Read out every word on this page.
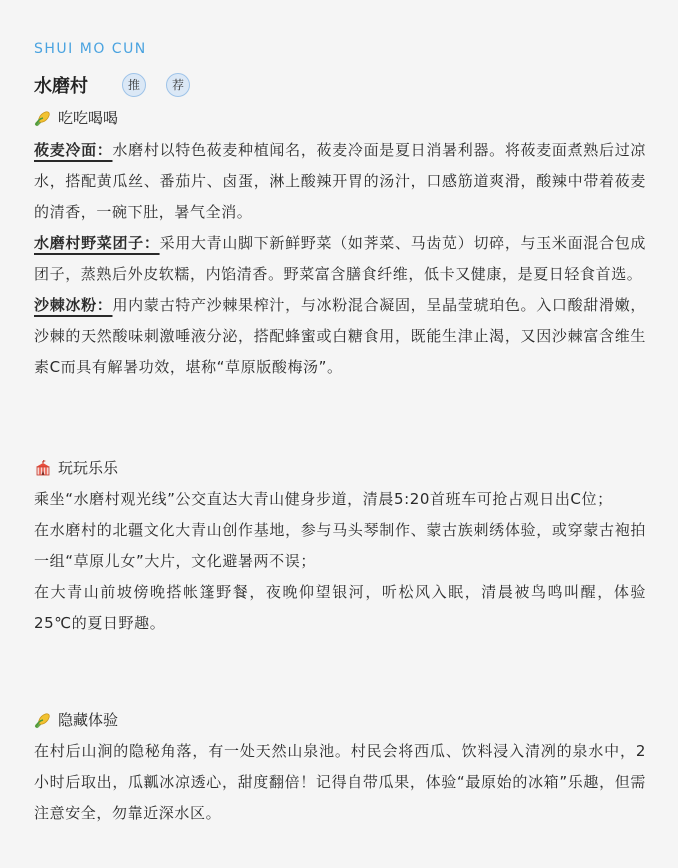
SHUI MO CUN
水磨村	推	荐
吃吃喝喝

莜麦冷面：水磨村以特色莜麦种植闻名，莜麦冷面是夏日消暑利器。将莜麦面煮熟后过凉水，搭配黄瓜丝、番茄片、卤蛋，淋上酸辣开胃的汤汁，口感筋道爽滑，酸辣中带着莜麦的清香，一碗下肚，暑气全消。

水磨村野菜团子：采用大青山脚下新鲜野菜（如荠菜、马齿苋）切碎，与玉米面混合包成团子，蒸熟后外皮软糯，内馅清香。野菜富含膳食纤维，低卡又健康，是夏日轻食首选。

沙棘冰粉：用内蒙古特产沙棘果榨汁，与冰粉混合凝固，呈晶莹琥珀色。入口酸甜滑嫩，沙棘的天然酸味刺激唾液分泌，搭配蜂蜜或白糖食用，既能生津止渴，又因沙棘富含维生素C而具有解暑功效，堪称“草原版酸梅汤”。

玩玩乐乐

乘坐“水磨村观光线”公交直达大青山健身步道，清晨5:20首班车可抢占观日出C位；

在水磨村的北疆文化大青山创作基地，参与马头琴制作、蒙古族刺绣体验，或穿蒙古袍拍一组“草原儿女”大片，文化避暑两不误；

在大青山前坡傍晚搭帐篷野餐，夜晚仰望银河，听松风入眠，清晨被鸟鸣叫醒，体验25℃的夏日野趣。

隐藏体验

在村后山涧的隐秘角落，有一处天然山泉池。村民会将西瓜、饮料浸入清冽的泉水中，2小时后取出，瓜瓤冰凉透心，甜度翻倍！记得自带瓜果，体验“最原始的冰箱”乐趣，但需注意安全，勿靠近深水区。
